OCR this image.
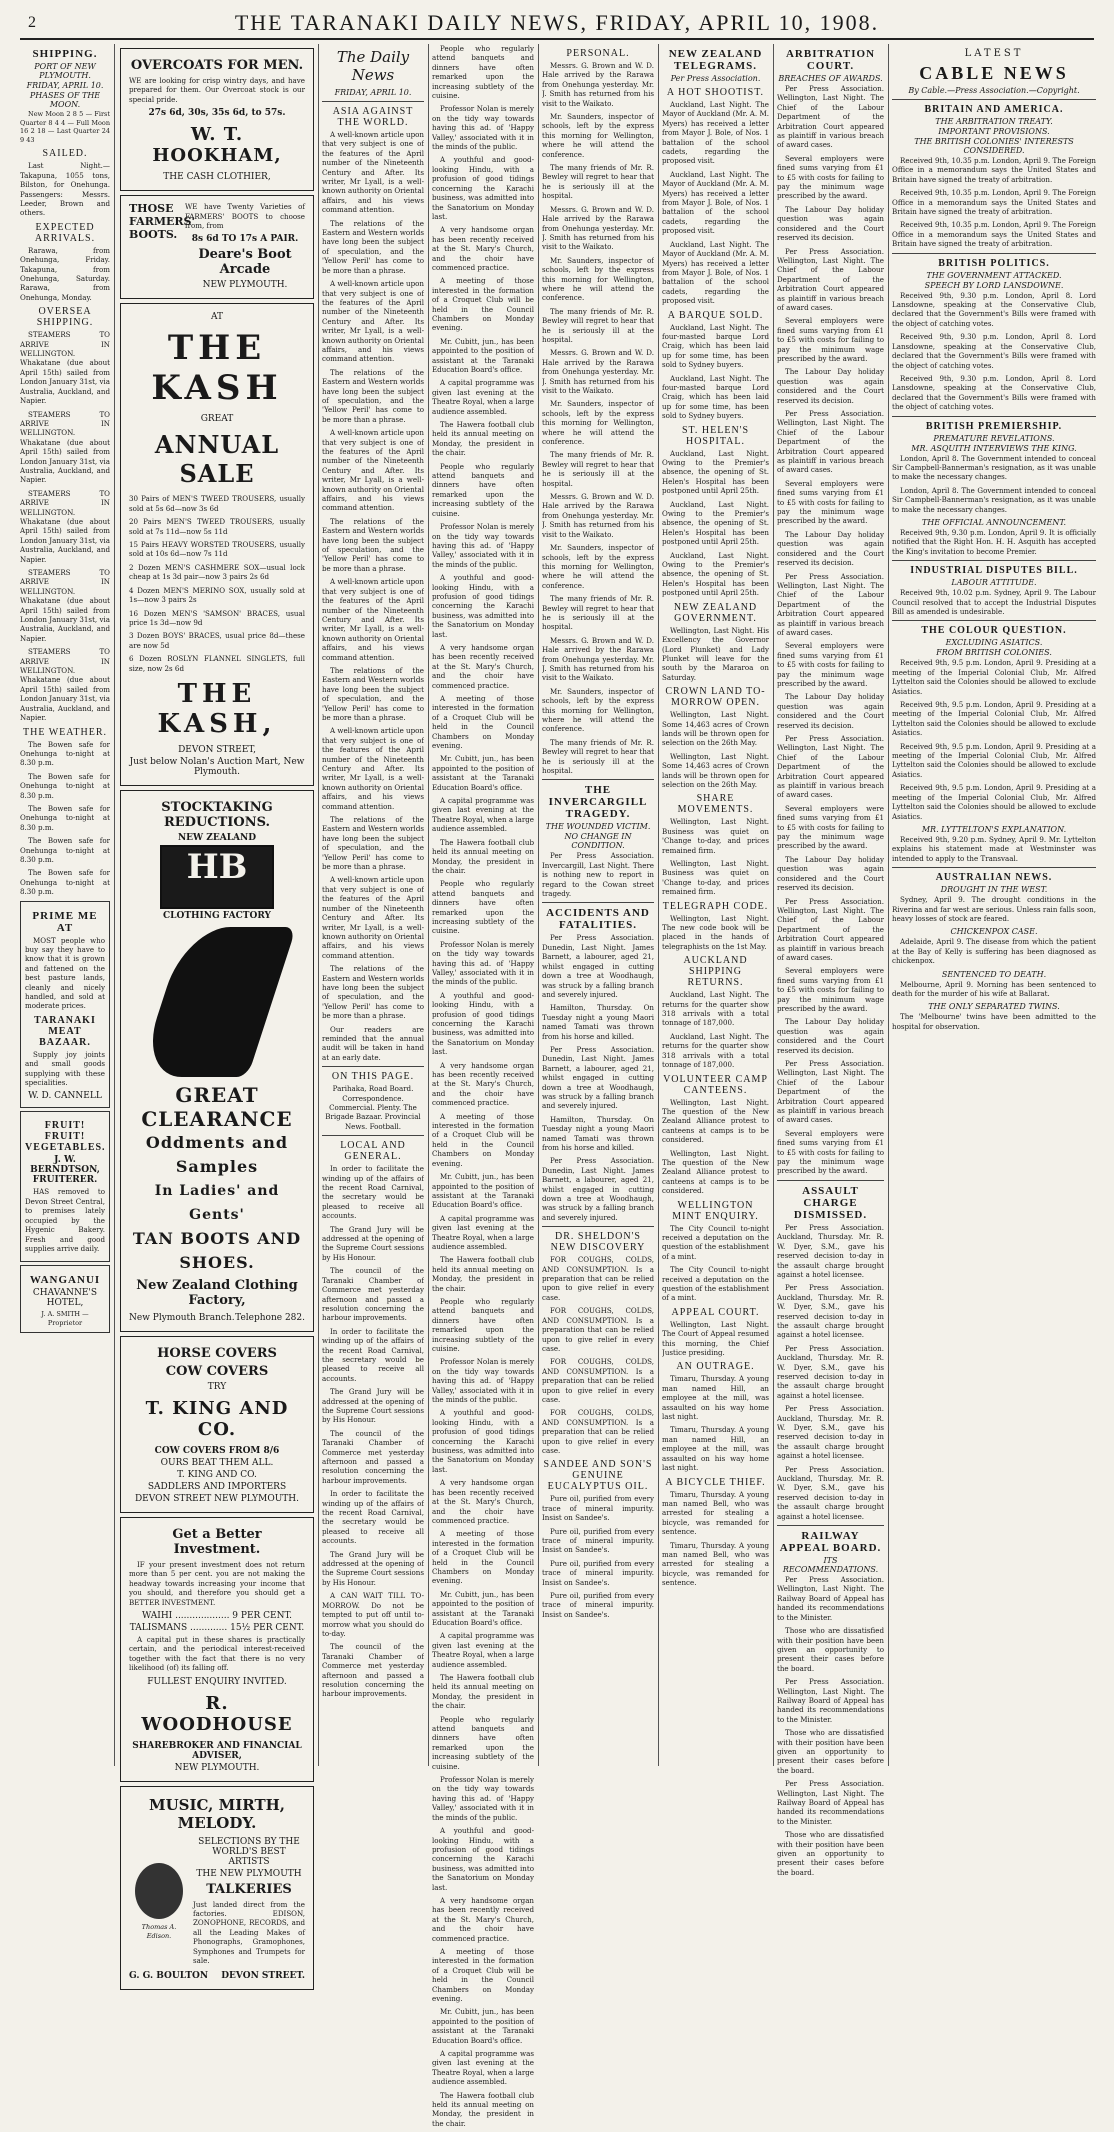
2	THE TARANAKI DAILY NEWS, FRIDAY, APRIL 10, 1908.
SHIPPING.
PORT OF NEW PLYMOUTH.
FRIDAY, APRIL 10.
PHASES OF THE MOON.

New Moon 2 8 5 — First Quarter 8 4 4 — Full Moon 16 2 18 — Last Quarter 24 9 43

SAILED.

Last Night.—Takapuna, 1055 tons, Bilston, for Onehunga. Passengers: Messrs. Leeder, Brown and others.

EXPECTED ARRIVALS.

Rarawa, from Onehunga, Friday. Takapuna, from Onehunga, Saturday. Rarawa, from Onehunga, Monday.

OVERSEA SHIPPING.

STEAMERS TO ARRIVE IN WELLINGTON. Whakatane (due about April 15th) sailed from London January 31st, via Australia, Auckland, and Napier.

STEAMERS TO ARRIVE IN WELLINGTON. Whakatane (due about April 15th) sailed from London January 31st, via Australia, Auckland, and Napier.

STEAMERS TO ARRIVE IN WELLINGTON. Whakatane (due about April 15th) sailed from London January 31st, via Australia, Auckland, and Napier.

STEAMERS TO ARRIVE IN WELLINGTON. Whakatane (due about April 15th) sailed from London January 31st, via Australia, Auckland, and Napier.

STEAMERS TO ARRIVE IN WELLINGTON. Whakatane (due about April 15th) sailed from London January 31st, via Australia, Auckland, and Napier.

THE WEATHER.

The Bowen safe for Onehunga to-night at 8.30 p.m.

The Bowen safe for Onehunga to-night at 8.30 p.m.

The Bowen safe for Onehunga to-night at 8.30 p.m.

The Bowen safe for Onehunga to-night at 8.30 p.m.

The Bowen safe for Onehunga to-night at 8.30 p.m.

PRIME ME AT

MOST people who buy say they have to know that it is grown and fattened on the best pasture lands, cleanly and nicely handled, and sold at moderate prices.

TARANAKI MEAT BAZAAR.

Supply joy joints and small goods supplying with these specialities.

W. D. CANNELL
FRUIT! FRUIT! VEGETABLES.
J. W. BERNDTSON, FRUITERER.

HAS removed to Devon Street Central, to premises lately occupied by the Hygenic Bakery. Fresh and good supplies arrive daily.

WANGANUI
CHAVANNE'S HOTEL,
J. A. SMITH — Proprietor
OVERCOATS FOR MEN.

WE are looking for crisp wintry days, and have prepared for them. Our Overcoat stock is our special pride.

27s 6d, 30s, 35s 6d, to 57s.
W. T. HOOKHAM,
THE CASH CLOTHIER,
THOSE FARMERS' BOOTS.

WE have Twenty Varieties of FARMERS' BOOTS to choose from, from

8s 6d TO 17s A PAIR.
Deare's Boot Arcade
NEW PLYMOUTH.
AT
THE KASH
GREAT
ANNUAL SALE

30 Pairs of MEN'S TWEED TROUSERS, usually sold at 5s 6d—now 3s 6d

20 Pairs MEN'S TWEED TROUSERS, usually sold at 7s 11d—now 5s 11d

15 Pairs HEAVY WORSTED TROUSERS, usually sold at 10s 6d—now 7s 11d

2 Dozen MEN'S CASHMERE SOX—usual lock cheap at 1s 3d pair—now 3 pairs 2s 6d

4 Dozen MEN'S MERINO SOX, usually sold at 1s—now 3 pairs 2s

16 Dozen MEN'S 'SAMSON' BRACES, usual price 1s 3d—now 9d

3 Dozen BOYS' BRACES, usual price 8d—these are now 5d

6 Dozen ROSLYN FLANNEL SINGLETS, full size, now 2s 6d

THE KASH,
DEVON STREET,
Just below Nolan's Auction Mart, New Plymouth.
STOCKTAKING REDUCTIONS.
NEW ZEALAND
HB
CLOTHING FACTORY
GREAT CLEARANCE
Oddments and Samples
In Ladies' and Gents'
TAN BOOTS AND SHOES.
New Zealand Clothing Factory,
New Plymouth Branch. Telephone 282.
HORSE COVERS
COW COVERS
TRY
T. KING AND CO.
COW COVERS FROM 8/6
OURS BEAT THEM ALL.
T. KING AND CO.
SADDLERS AND IMPORTERS
DEVON STREET NEW PLYMOUTH.
Get a Better Investment.

IF your present investment does not return more than 5 per cent. you are not making the headway towards increasing your income that you should, and therefore you should get a BETTER INVESTMENT.

WAIHI ................... 9 PER CENT.
TALISMANS ............. 15½ PER CENT.

A capital put in these shares is practically certain, and the periodical interest-received together with the fact that there is no very likelihood (of) its falling off.

FULLEST ENQUIRY INVITED.
R. WOODHOUSE
SHAREBROKER AND FINANCIAL ADVISER,
NEW PLYMOUTH.
MUSIC, MIRTH, MELODY.
Thomas A. Edison.
SELECTIONS BY THE WORLD'S BEST ARTISTS
THE NEW PLYMOUTH
TALKERIES

Just landed direct from the factories. EDISON, ZONOPHONE, RECORDS, and all the Leading Makes of Phonographs, Gramophones, Symphones and Trumpets for sale.

G. G. BOULTON DEVON STREET.
The Daily News
FRIDAY, APRIL 10.
ASIA AGAINST THE WORLD.

A well-known article upon that very subject is one of the features of the April number of the Nineteenth Century and After. Its writer, Mr Lyall, is a well-known authority on Oriental affairs, and his views command attention.

The relations of the Eastern and Western worlds have long been the subject of speculation, and the 'Yellow Peril' has come to be more than a phrase.

A well-known article upon that very subject is one of the features of the April number of the Nineteenth Century and After. Its writer, Mr Lyall, is a well-known authority on Oriental affairs, and his views command attention.

The relations of the Eastern and Western worlds have long been the subject of speculation, and the 'Yellow Peril' has come to be more than a phrase.

A well-known article upon that very subject is one of the features of the April number of the Nineteenth Century and After. Its writer, Mr Lyall, is a well-known authority on Oriental affairs, and his views command attention.

The relations of the Eastern and Western worlds have long been the subject of speculation, and the 'Yellow Peril' has come to be more than a phrase.

A well-known article upon that very subject is one of the features of the April number of the Nineteenth Century and After. Its writer, Mr Lyall, is a well-known authority on Oriental affairs, and his views command attention.

The relations of the Eastern and Western worlds have long been the subject of speculation, and the 'Yellow Peril' has come to be more than a phrase.

A well-known article upon that very subject is one of the features of the April number of the Nineteenth Century and After. Its writer, Mr Lyall, is a well-known authority on Oriental affairs, and his views command attention.

The relations of the Eastern and Western worlds have long been the subject of speculation, and the 'Yellow Peril' has come to be more than a phrase.

A well-known article upon that very subject is one of the features of the April number of the Nineteenth Century and After. Its writer, Mr Lyall, is a well-known authority on Oriental affairs, and his views command attention.

The relations of the Eastern and Western worlds have long been the subject of speculation, and the 'Yellow Peril' has come to be more than a phrase.

Our readers are reminded that the annual audit will be taken in hand at an early date.

ON THIS PAGE.

Parihaka, Road Board. Correspondence. Commercial. Plenty. The Brigade Bazaar. Provincial News. Football.

LOCAL AND GENERAL.

In order to facilitate the winding up of the affairs of the recent Road Carnival, the secretary would be pleased to receive all accounts.

The Grand Jury will be addressed at the opening of the Supreme Court sessions by His Honour.

The council of the Taranaki Chamber of Commerce met yesterday afternoon and passed a resolution concerning the harbour improvements.

In order to facilitate the winding up of the affairs of the recent Road Carnival, the secretary would be pleased to receive all accounts.

The Grand Jury will be addressed at the opening of the Supreme Court sessions by His Honour.

The council of the Taranaki Chamber of Commerce met yesterday afternoon and passed a resolution concerning the harbour improvements.

In order to facilitate the winding up of the affairs of the recent Road Carnival, the secretary would be pleased to receive all accounts.

The Grand Jury will be addressed at the opening of the Supreme Court sessions by His Honour.

A CAN WAIT TILL TO-MORROW. Do not be tempted to put off until to-morrow what you should do to-day.

The council of the Taranaki Chamber of Commerce met yesterday afternoon and passed a resolution concerning the harbour improvements.

People who regularly attend banquets and dinners have often remarked upon the increasing subtlety of the cuisine.

Professor Nolan is merely on the tidy way towards having this ad. of 'Happy Valley,' associated with it in the minds of the public.

A youthful and good-looking Hindu, with a profusion of good tidings concerning the Karachi business, was admitted into the Sanatorium on Monday last.

A very handsome organ has been recently received at the St. Mary's Church, and the choir have commenced practice.

A meeting of those interested in the formation of a Croquet Club will be held in the Council Chambers on Monday evening.

Mr. Cubitt, jun., has been appointed to the position of assistant at the Taranaki Education Board's office.

A capital programme was given last evening at the Theatre Royal, when a large audience assembled.

The Hawera football club held its annual meeting on Monday, the president in the chair.

People who regularly attend banquets and dinners have often remarked upon the increasing subtlety of the cuisine.

Professor Nolan is merely on the tidy way towards having this ad. of 'Happy Valley,' associated with it in the minds of the public.

A youthful and good-looking Hindu, with a profusion of good tidings concerning the Karachi business, was admitted into the Sanatorium on Monday last.

A very handsome organ has been recently received at the St. Mary's Church, and the choir have commenced practice.

A meeting of those interested in the formation of a Croquet Club will be held in the Council Chambers on Monday evening.

Mr. Cubitt, jun., has been appointed to the position of assistant at the Taranaki Education Board's office.

A capital programme was given last evening at the Theatre Royal, when a large audience assembled.

The Hawera football club held its annual meeting on Monday, the president in the chair.

People who regularly attend banquets and dinners have often remarked upon the increasing subtlety of the cuisine.

Professor Nolan is merely on the tidy way towards having this ad. of 'Happy Valley,' associated with it in the minds of the public.

A youthful and good-looking Hindu, with a profusion of good tidings concerning the Karachi business, was admitted into the Sanatorium on Monday last.

A very handsome organ has been recently received at the St. Mary's Church, and the choir have commenced practice.

A meeting of those interested in the formation of a Croquet Club will be held in the Council Chambers on Monday evening.

Mr. Cubitt, jun., has been appointed to the position of assistant at the Taranaki Education Board's office.

A capital programme was given last evening at the Theatre Royal, when a large audience assembled.

The Hawera football club held its annual meeting on Monday, the president in the chair.

People who regularly attend banquets and dinners have often remarked upon the increasing subtlety of the cuisine.

Professor Nolan is merely on the tidy way towards having this ad. of 'Happy Valley,' associated with it in the minds of the public.

A youthful and good-looking Hindu, with a profusion of good tidings concerning the Karachi business, was admitted into the Sanatorium on Monday last.

A very handsome organ has been recently received at the St. Mary's Church, and the choir have commenced practice.

A meeting of those interested in the formation of a Croquet Club will be held in the Council Chambers on Monday evening.

Mr. Cubitt, jun., has been appointed to the position of assistant at the Taranaki Education Board's office.

A capital programme was given last evening at the Theatre Royal, when a large audience assembled.

The Hawera football club held its annual meeting on Monday, the president in the chair.

People who regularly attend banquets and dinners have often remarked upon the increasing subtlety of the cuisine.

Professor Nolan is merely on the tidy way towards having this ad. of 'Happy Valley,' associated with it in the minds of the public.

A youthful and good-looking Hindu, with a profusion of good tidings concerning the Karachi business, was admitted into the Sanatorium on Monday last.

A very handsome organ has been recently received at the St. Mary's Church, and the choir have commenced practice.

A meeting of those interested in the formation of a Croquet Club will be held in the Council Chambers on Monday evening.

Mr. Cubitt, jun., has been appointed to the position of assistant at the Taranaki Education Board's office.

A capital programme was given last evening at the Theatre Royal, when a large audience assembled.

The Hawera football club held its annual meeting on Monday, the president in the chair.

PERSONAL.

Messrs. G. Brown and W. D. Hale arrived by the Rarawa from Onehunga yesterday. Mr. J. Smith has returned from his visit to the Waikato.

Mr. Saunders, inspector of schools, left by the express this morning for Wellington, where he will attend the conference.

The many friends of Mr. R. Bewley will regret to hear that he is seriously ill at the hospital.

Messrs. G. Brown and W. D. Hale arrived by the Rarawa from Onehunga yesterday. Mr. J. Smith has returned from his visit to the Waikato.

Mr. Saunders, inspector of schools, left by the express this morning for Wellington, where he will attend the conference.

The many friends of Mr. R. Bewley will regret to hear that he is seriously ill at the hospital.

Messrs. G. Brown and W. D. Hale arrived by the Rarawa from Onehunga yesterday. Mr. J. Smith has returned from his visit to the Waikato.

Mr. Saunders, inspector of schools, left by the express this morning for Wellington, where he will attend the conference.

The many friends of Mr. R. Bewley will regret to hear that he is seriously ill at the hospital.

Messrs. G. Brown and W. D. Hale arrived by the Rarawa from Onehunga yesterday. Mr. J. Smith has returned from his visit to the Waikato.

Mr. Saunders, inspector of schools, left by the express this morning for Wellington, where he will attend the conference.

The many friends of Mr. R. Bewley will regret to hear that he is seriously ill at the hospital.

Messrs. G. Brown and W. D. Hale arrived by the Rarawa from Onehunga yesterday. Mr. J. Smith has returned from his visit to the Waikato.

Mr. Saunders, inspector of schools, left by the express this morning for Wellington, where he will attend the conference.

The many friends of Mr. R. Bewley will regret to hear that he is seriously ill at the hospital.

THE INVERCARGILL TRAGEDY.
THE WOUNDED VICTIM.
NO CHANGE IN CONDITION.

Per Press Association. Invercargill, Last Night. There is nothing new to report in regard to the Cowan street tragedy.

ACCIDENTS AND FATALITIES.

Per Press Association. Dunedin, Last Night. James Barnett, a labourer, aged 21, whilst engaged in cutting down a tree at Woodhaugh, was struck by a falling branch and severely injured.

Hamilton, Thursday. On Tuesday night a young Maori named Tamati was thrown from his horse and killed.

Per Press Association. Dunedin, Last Night. James Barnett, a labourer, aged 21, whilst engaged in cutting down a tree at Woodhaugh, was struck by a falling branch and severely injured.

Hamilton, Thursday. On Tuesday night a young Maori named Tamati was thrown from his horse and killed.

Per Press Association. Dunedin, Last Night. James Barnett, a labourer, aged 21, whilst engaged in cutting down a tree at Woodhaugh, was struck by a falling branch and severely injured.

DR. SHELDON'S NEW DISCOVERY

FOR COUGHS, COLDS, AND CONSUMPTION. Is a preparation that can be relied upon to give relief in every case.

FOR COUGHS, COLDS, AND CONSUMPTION. Is a preparation that can be relied upon to give relief in every case.

FOR COUGHS, COLDS, AND CONSUMPTION. Is a preparation that can be relied upon to give relief in every case.

FOR COUGHS, COLDS, AND CONSUMPTION. Is a preparation that can be relied upon to give relief in every case.

SANDEE AND SON'S GENUINE EUCALYPTUS OIL.

Pure oil, purified from every trace of mineral impurity. Insist on Sandee's.

Pure oil, purified from every trace of mineral impurity. Insist on Sandee's.

Pure oil, purified from every trace of mineral impurity. Insist on Sandee's.

Pure oil, purified from every trace of mineral impurity. Insist on Sandee's.

NEW ZEALAND TELEGRAMS.
Per Press Association.
A HOT SHOOTIST.

Auckland, Last Night. The Mayor of Auckland (Mr. A. M. Myers) has received a letter from Mayor J. Bole, of Nos. 1 battalion of the school cadets, regarding the proposed visit.

Auckland, Last Night. The Mayor of Auckland (Mr. A. M. Myers) has received a letter from Mayor J. Bole, of Nos. 1 battalion of the school cadets, regarding the proposed visit.

Auckland, Last Night. The Mayor of Auckland (Mr. A. M. Myers) has received a letter from Mayor J. Bole, of Nos. 1 battalion of the school cadets, regarding the proposed visit.

A BARQUE SOLD.

Auckland, Last Night. The four-masted barque Lord Craig, which has been laid up for some time, has been sold to Sydney buyers.

Auckland, Last Night. The four-masted barque Lord Craig, which has been laid up for some time, has been sold to Sydney buyers.

ST. HELEN'S HOSPITAL.

Auckland, Last Night. Owing to the Premier's absence, the opening of St. Helen's Hospital has been postponed until April 25th.

Auckland, Last Night. Owing to the Premier's absence, the opening of St. Helen's Hospital has been postponed until April 25th.

Auckland, Last Night. Owing to the Premier's absence, the opening of St. Helen's Hospital has been postponed until April 25th.

NEW ZEALAND GOVERNMENT.

Wellington, Last Night. His Excellency the Governor (Lord Plunket) and Lady Plunket will leave for the south by the Mararoa on Saturday.

CROWN LAND TO-MORROW OPEN.

Wellington, Last Night. Some 14,463 acres of Crown lands will be thrown open for selection on the 26th May.

Wellington, Last Night. Some 14,463 acres of Crown lands will be thrown open for selection on the 26th May.

SHARE MOVEMENTS.

Wellington, Last Night. Business was quiet on 'Change to-day, and prices remained firm.

Wellington, Last Night. Business was quiet on 'Change to-day, and prices remained firm.

TELEGRAPH CODE.

Wellington, Last Night. The new code book will be placed in the hands of telegraphists on the 1st May.

AUCKLAND SHIPPING RETURNS.

Auckland, Last Night. The returns for the quarter show 318 arrivals with a total tonnage of 187,000.

Auckland, Last Night. The returns for the quarter show 318 arrivals with a total tonnage of 187,000.

VOLUNTEER CAMP CANTEENS.

Wellington, Last Night. The question of the New Zealand Alliance protest to canteens at camps is to be considered.

Wellington, Last Night. The question of the New Zealand Alliance protest to canteens at camps is to be considered.

WELLINGTON MINT ENQUIRY.

The City Council to-night received a deputation on the question of the establishment of a mint.

The City Council to-night received a deputation on the question of the establishment of a mint.

APPEAL COURT.

Wellington, Last Night. The Court of Appeal resumed this morning, the Chief Justice presiding.

AN OUTRAGE.

Timaru, Thursday. A young man named Hill, an employee at the mill, was assaulted on his way home last night.

Timaru, Thursday. A young man named Hill, an employee at the mill, was assaulted on his way home last night.

A BICYCLE THIEF.

Timaru, Thursday. A young man named Bell, who was arrested for stealing a bicycle, was remanded for sentence.

Timaru, Thursday. A young man named Bell, who was arrested for stealing a bicycle, was remanded for sentence.

ARBITRATION COURT.
BREACHES OF AWARDS.

Per Press Association. Wellington, Last Night. The Chief of the Labour Department of the Arbitration Court appeared as plaintiff in various breach of award cases.

Several employers were fined sums varying from £1 to £5 with costs for failing to pay the minimum wage prescribed by the award.

The Labour Day holiday question was again considered and the Court reserved its decision.

Per Press Association. Wellington, Last Night. The Chief of the Labour Department of the Arbitration Court appeared as plaintiff in various breach of award cases.

Several employers were fined sums varying from £1 to £5 with costs for failing to pay the minimum wage prescribed by the award.

The Labour Day holiday question was again considered and the Court reserved its decision.

Per Press Association. Wellington, Last Night. The Chief of the Labour Department of the Arbitration Court appeared as plaintiff in various breach of award cases.

Several employers were fined sums varying from £1 to £5 with costs for failing to pay the minimum wage prescribed by the award.

The Labour Day holiday question was again considered and the Court reserved its decision.

Per Press Association. Wellington, Last Night. The Chief of the Labour Department of the Arbitration Court appeared as plaintiff in various breach of award cases.

Several employers were fined sums varying from £1 to £5 with costs for failing to pay the minimum wage prescribed by the award.

The Labour Day holiday question was again considered and the Court reserved its decision.

Per Press Association. Wellington, Last Night. The Chief of the Labour Department of the Arbitration Court appeared as plaintiff in various breach of award cases.

Several employers were fined sums varying from £1 to £5 with costs for failing to pay the minimum wage prescribed by the award.

The Labour Day holiday question was again considered and the Court reserved its decision.

Per Press Association. Wellington, Last Night. The Chief of the Labour Department of the Arbitration Court appeared as plaintiff in various breach of award cases.

Several employers were fined sums varying from £1 to £5 with costs for failing to pay the minimum wage prescribed by the award.

The Labour Day holiday question was again considered and the Court reserved its decision.

Per Press Association. Wellington, Last Night. The Chief of the Labour Department of the Arbitration Court appeared as plaintiff in various breach of award cases.

Several employers were fined sums varying from £1 to £5 with costs for failing to pay the minimum wage prescribed by the award.

ASSAULT CHARGE DISMISSED.

Per Press Association. Auckland, Thursday. Mr. R. W. Dyer, S.M., gave his reserved decision to-day in the assault charge brought against a hotel licensee.

Per Press Association. Auckland, Thursday. Mr. R. W. Dyer, S.M., gave his reserved decision to-day in the assault charge brought against a hotel licensee.

Per Press Association. Auckland, Thursday. Mr. R. W. Dyer, S.M., gave his reserved decision to-day in the assault charge brought against a hotel licensee.

Per Press Association. Auckland, Thursday. Mr. R. W. Dyer, S.M., gave his reserved decision to-day in the assault charge brought against a hotel licensee.

Per Press Association. Auckland, Thursday. Mr. R. W. Dyer, S.M., gave his reserved decision to-day in the assault charge brought against a hotel licensee.

RAILWAY APPEAL BOARD.
ITS RECOMMENDATIONS.

Per Press Association. Wellington, Last Night. The Railway Board of Appeal has handed its recommendations to the Minister.

Those who are dissatisfied with their position have been given an opportunity to present their cases before the board.

Per Press Association. Wellington, Last Night. The Railway Board of Appeal has handed its recommendations to the Minister.

Those who are dissatisfied with their position have been given an opportunity to present their cases before the board.

Per Press Association. Wellington, Last Night. The Railway Board of Appeal has handed its recommendations to the Minister.

Those who are dissatisfied with their position have been given an opportunity to present their cases before the board.

LATEST
CABLE NEWS
By Cable.—Press Association.—Copyright.
BRITAIN AND AMERICA.
THE ARBITRATION TREATY.
IMPORTANT PROVISIONS.
THE BRITISH COLONIES' INTERESTS CONSIDERED.

Received 9th, 10.35 p.m. London, April 9. The Foreign Office in a memorandum says the United States and Britain have signed the treaty of arbitration.

Received 9th, 10.35 p.m. London, April 9. The Foreign Office in a memorandum says the United States and Britain have signed the treaty of arbitration.

Received 9th, 10.35 p.m. London, April 9. The Foreign Office in a memorandum says the United States and Britain have signed the treaty of arbitration.

BRITISH POLITICS.
THE GOVERNMENT ATTACKED.
SPEECH BY LORD LANSDOWNE.

Received 9th, 9.30 p.m. London, April 8. Lord Lansdowne, speaking at the Conservative Club, declared that the Government's Bills were framed with the object of catching votes.

Received 9th, 9.30 p.m. London, April 8. Lord Lansdowne, speaking at the Conservative Club, declared that the Government's Bills were framed with the object of catching votes.

Received 9th, 9.30 p.m. London, April 8. Lord Lansdowne, speaking at the Conservative Club, declared that the Government's Bills were framed with the object of catching votes.

BRITISH PREMIERSHIP.
PREMATURE REVELATIONS.
MR. ASQUITH INTERVIEWS THE KING.

London, April 8. The Government intended to conceal Sir Campbell-Bannerman's resignation, as it was unable to make the necessary changes.

London, April 8. The Government intended to conceal Sir Campbell-Bannerman's resignation, as it was unable to make the necessary changes.

THE OFFICIAL ANNOUNCEMENT.

Received 9th, 9.30 p.m. London, April 9. It is officially notified that the Right Hon. H. H. Asquith has accepted the King's invitation to become Premier.

INDUSTRIAL DISPUTES BILL.
LABOUR ATTITUDE.

Received 9th, 10.02 p.m. Sydney, April 9. The Labour Council resolved that to accept the Industrial Disputes Bill as amended is undesirable.

THE COLOUR QUESTION.
EXCLUDING ASIATICS.
FROM BRITISH COLONIES.

Received 9th, 9.5 p.m. London, April 9. Presiding at a meeting of the Imperial Colonial Club, Mr. Alfred Lyttelton said the Colonies should be allowed to exclude Asiatics.

Received 9th, 9.5 p.m. London, April 9. Presiding at a meeting of the Imperial Colonial Club, Mr. Alfred Lyttelton said the Colonies should be allowed to exclude Asiatics.

Received 9th, 9.5 p.m. London, April 9. Presiding at a meeting of the Imperial Colonial Club, Mr. Alfred Lyttelton said the Colonies should be allowed to exclude Asiatics.

Received 9th, 9.5 p.m. London, April 9. Presiding at a meeting of the Imperial Colonial Club, Mr. Alfred Lyttelton said the Colonies should be allowed to exclude Asiatics.

MR. LYTTELTON'S EXPLANATION.

Received 9th, 9.20 p.m. Sydney, April 9. Mr. Lyttelton explains his statement made at Westminster was intended to apply to the Transvaal.

AUSTRALIAN NEWS.
DROUGHT IN THE WEST.

Sydney, April 9. The drought conditions in the Riverina and far west are serious. Unless rain falls soon, heavy losses of stock are feared.

CHICKENPOX CASE.

Adelaide, April 9. The disease from which the patient at the Bay of Kelly is suffering has been diagnosed as chickenpox.

SENTENCED TO DEATH.

Melbourne, April 9. Morning has been sentenced to death for the murder of his wife at Ballarat.

THE ONLY SEPARATED TWINS.

The 'Melbourne' twins have been admitted to the hospital for observation.
